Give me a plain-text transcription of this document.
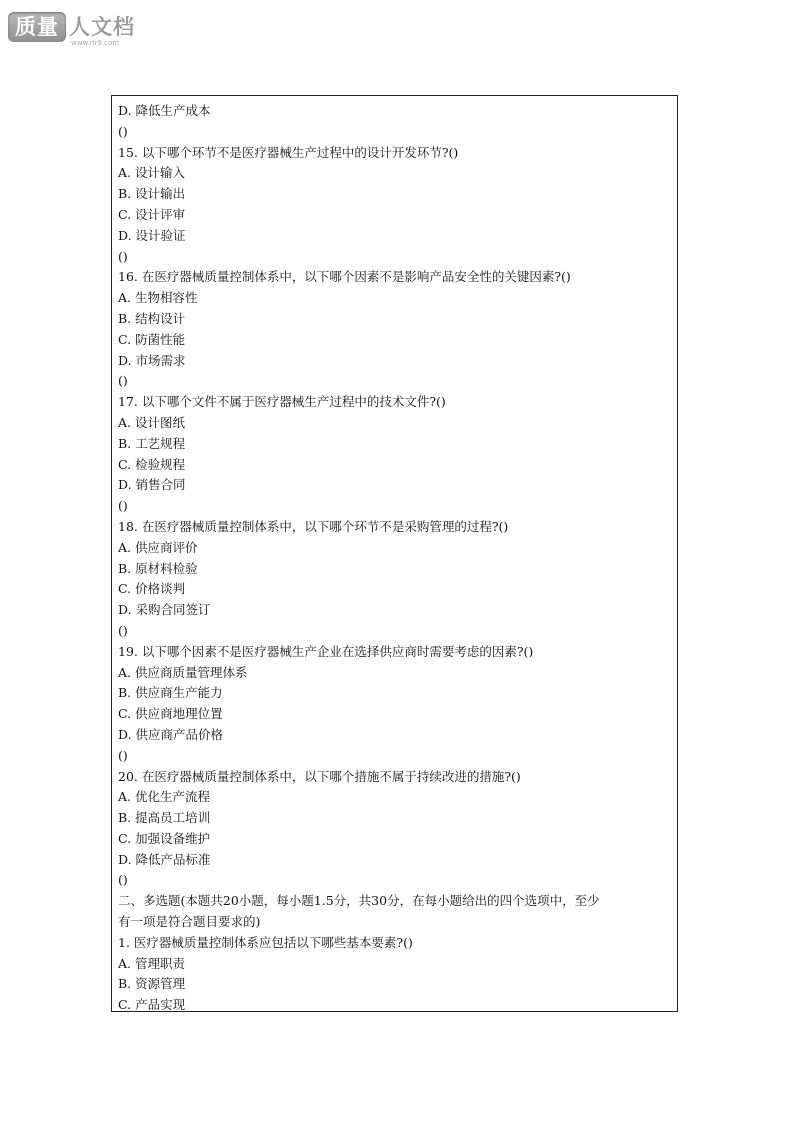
质量 人文档
www.rlr9.com
D. 降低生产成本
()
15. 以下哪个环节不是医疗器械生产过程中的设计开发环节?()
A. 设计输入
B. 设计输出
C. 设计评审
D. 设计验证
()
16. 在医疗器械质量控制体系中，以下哪个因素不是影响产品安全性的关键因素?()
A. 生物相容性
B. 结构设计
C. 防菌性能
D. 市场需求
()
17. 以下哪个文件不属于医疗器械生产过程中的技术文件?()
A. 设计图纸
B. 工艺规程
C. 检验规程
D. 销售合同
()
18. 在医疗器械质量控制体系中，以下哪个环节不是采购管理的过程?()
A. 供应商评价
B. 原材料检验
C. 价格谈判
D. 采购合同签订
()
19. 以下哪个因素不是医疗器械生产企业在选择供应商时需要考虑的因素?()
A. 供应商质量管理体系
B. 供应商生产能力
C. 供应商地理位置
D. 供应商产品价格
()
20. 在医疗器械质量控制体系中，以下哪个措施不属于持续改进的措施?()
A. 优化生产流程
B. 提高员工培训
C. 加强设备维护
D. 降低产品标准
()
二、多选题(本题共20小题，每小题1.5分，共30分，在每小题给出的四个选项中，至少
有一项是符合题目要求的)
1. 医疗器械质量控制体系应包括以下哪些基本要素?()
A. 管理职责
B. 资源管理
C. 产品实现
